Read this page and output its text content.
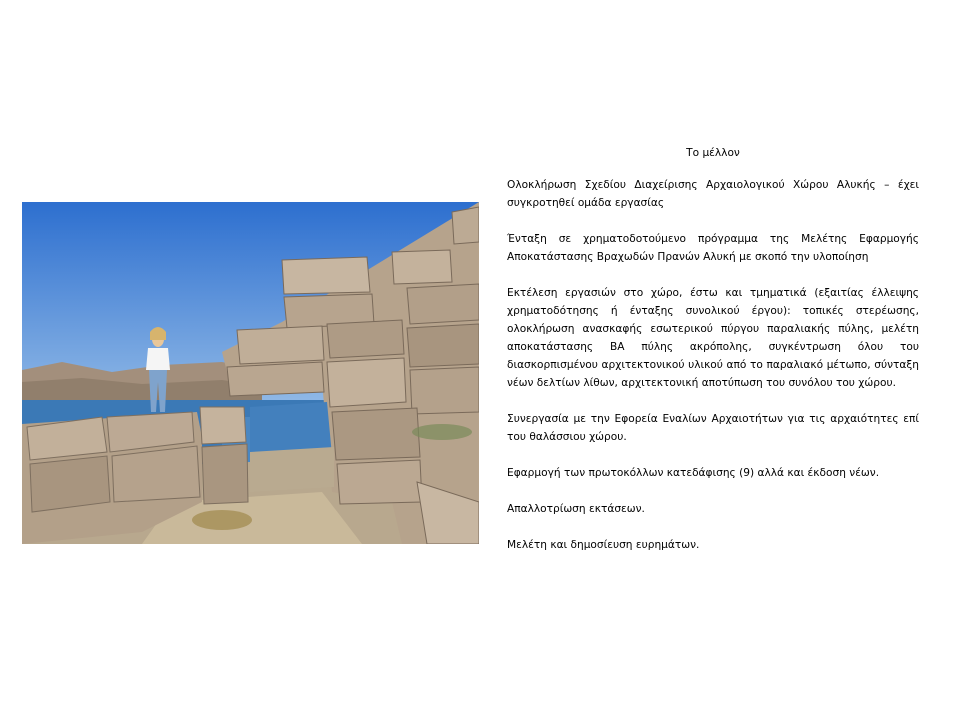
Το μέλλον

Ολοκλήρωση Σχεδίου Διαχείρισης Αρχαιολογικού Χώρου Αλυκής – έχει συγκροτηθεί ομάδα εργασίας

Ένταξη σε χρηματοδοτούμενο πρόγραμμα της Μελέτης Εφαρμογής Αποκατάστασης Βραχωδών Πρανών Αλυκή με σκοπό την υλοποίηση

Εκτέλεση εργασιών στο χώρο, έστω και τμηματικά (εξαιτίας έλλειψης χρηματοδότησης ή ένταξης συνολικού έργου): τοπικές στερέωσης, ολοκλήρωση ανασκαφής εσωτερικού πύργου παραλιακής πύλης, μελέτη αποκατάστασης ΒΑ πύλης ακρόπολης, συγκέντρωση όλου του διασκορπισμένου αρχιτεκτονικού υλικού από το παραλιακό μέτωπο, σύνταξη νέων δελτίων λίθων, αρχιτεκτονική αποτύπωση του συνόλου του χώρου.

Συνεργασία με την Εφορεία Εναλίων Αρχαιοτήτων για τις αρχαιότητες επί του θαλάσσιου χώρου.

Εφαρμογή των πρωτοκόλλων κατεδάφισης (9) αλλά και έκδοση νέων.

Απαλλοτρίωση εκτάσεων.

Μελέτη και δημοσίευση ευρημάτων.
